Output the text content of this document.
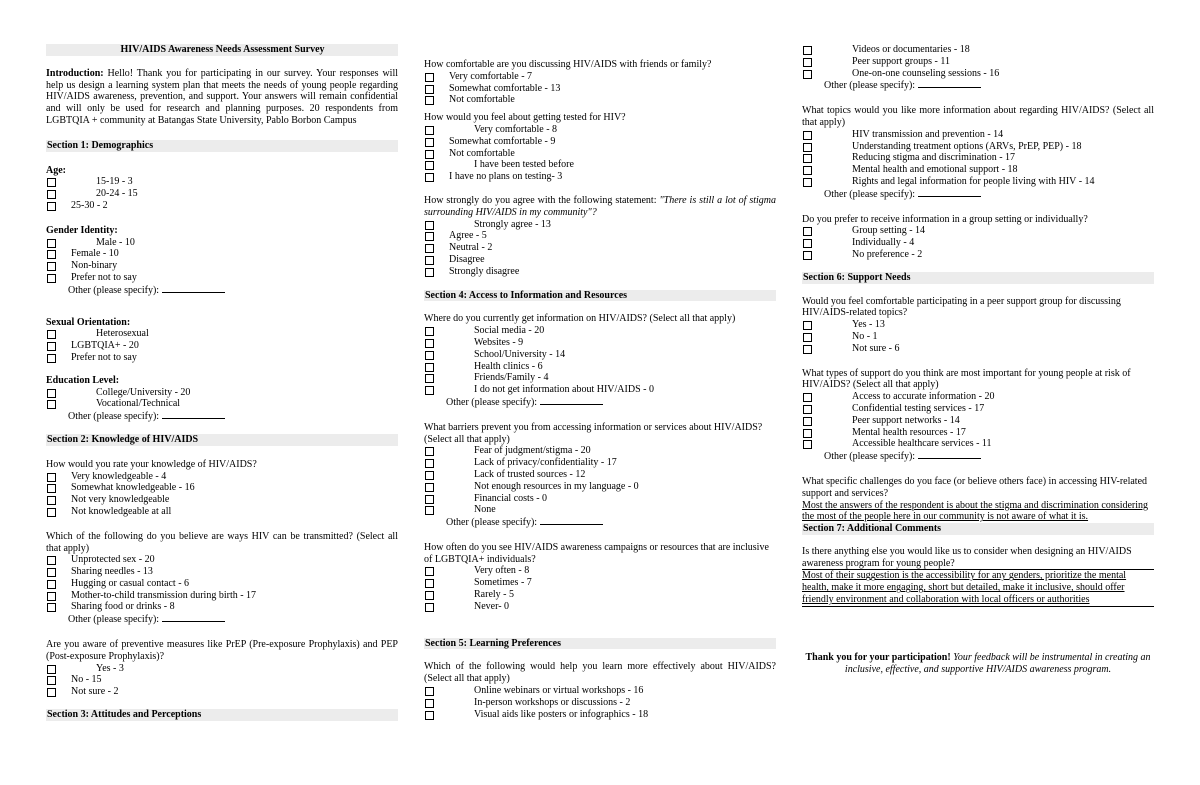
HIV/AIDS Awareness Needs Assessment Survey
Introduction: Hello! Thank you for participating in our survey. Your responses will help us design a learning system plan that meets the needs of young people regarding HIV/AIDS awareness, prevention, and support. Your answers will remain confidential and will only be used for research and planning purposes. 20 respondents from LGBTQIA + community at Batangas State University, Pablo Borbon Campus
Section 1: Demographics
Age:
15-19 - 3
20-24 - 15
25-30 - 2
Gender Identity:
Male - 10
Female - 10
Non-binary
Prefer not to say
Other (please specify):
Sexual Orientation:
Heterosexual
LGBTQIA+ - 20
Prefer not to say
Education Level:
College/University - 20
Vocational/Technical
Other (please specify):
Section 2: Knowledge of HIV/AIDS
How would you rate your knowledge of HIV/AIDS?
Very knowledgeable - 4
Somewhat knowledgeable - 16
Not very knowledgeable
Not knowledgeable at all
Which of the following do you believe are ways HIV can be transmitted? (Select all that apply)
Unprotected sex - 20
Sharing needles - 13
Hugging or casual contact - 6
Mother-to-child transmission during birth - 17
Sharing food or drinks - 8
Other (please specify):
Are you aware of preventive measures like PrEP (Pre-exposure Prophylaxis) and PEP (Post-exposure Prophylaxis)?
Yes - 3
No - 15
Not sure - 2
Section 3: Attitudes and Perceptions
How comfortable are you discussing HIV/AIDS with friends or family?
Very comfortable - 7
Somewhat comfortable - 13
Not comfortable
How would you feel about getting tested for HIV?
Very comfortable - 8
Somewhat comfortable - 9
Not comfortable
I have been tested before
I have no plans on testing- 3
How strongly do you agree with the following statement: "There is still a lot of stigma surrounding HIV/AIDS in my community"?
Strongly agree - 13
Agree - 5
Neutral - 2
Disagree
Strongly disagree
Section 4: Access to Information and Resources
Where do you currently get information on HIV/AIDS? (Select all that apply)
Social media - 20
Websites - 9
School/University - 14
Health clinics - 6
Friends/Family - 4
I do not get information about HIV/AIDS - 0
Other (please specify):
What barriers prevent you from accessing information or services about HIV/AIDS? (Select all that apply)
Fear of judgment/stigma - 20
Lack of privacy/confidentiality - 17
Lack of trusted sources - 12
Not enough resources in my language - 0
Financial costs - 0
None
Other (please specify):
How often do you see HIV/AIDS awareness campaigns or resources that are inclusive of LGBTQIA+ individuals?
Very often - 8
Sometimes - 7
Rarely - 5
Never- 0
Section 5: Learning Preferences
Which of the following would help you learn more effectively about HIV/AIDS? (Select all that apply)
Online webinars or virtual workshops - 16
In-person workshops or discussions - 2
Visual aids like posters or infographics - 18
Videos or documentaries - 18
Peer support groups - 11
One-on-one counseling sessions - 16
Other (please specify):
What topics would you like more information about regarding HIV/AIDS? (Select all that apply)
HIV transmission and prevention - 14
Understanding treatment options (ARVs, PrEP, PEP) - 18
Reducing stigma and discrimination - 17
Mental health and emotional support - 18
Rights and legal information for people living with HIV - 14
Other (please specify):
Do you prefer to receive information in a group setting or individually?
Group setting - 14
Individually - 4
No preference - 2
Section 6: Support Needs
Would you feel comfortable participating in a peer support group for discussing HIV/AIDS-related topics?
Yes - 13
No - 1
Not sure - 6
What types of support do you think are most important for young people at risk of HIV/AIDS? (Select all that apply)
Access to accurate information - 20
Confidential testing services - 17
Peer support networks - 14
Mental health resources - 17
Accessible healthcare services - 11
Other (please specify):
What specific challenges do you face (or believe others face) in accessing HIV-related support and services?
Most the answers of the respondent is about the stigma and discrimination considering the most of the people here in our community is not aware of what it is.
Section 7: Additional Comments
Is there anything else you would like us to consider when designing an HIV/AIDS awareness program for young people?
Most of their suggestion is the accessibility for any genders, prioritize the mental health, make it more engaging, short but detailed, make it inclusive, should offer friendly environment and collaboration with local officers or authorities
Thank you for your participation! Your feedback will be instrumental in creating an inclusive, effective, and supportive HIV/AIDS awareness program.
